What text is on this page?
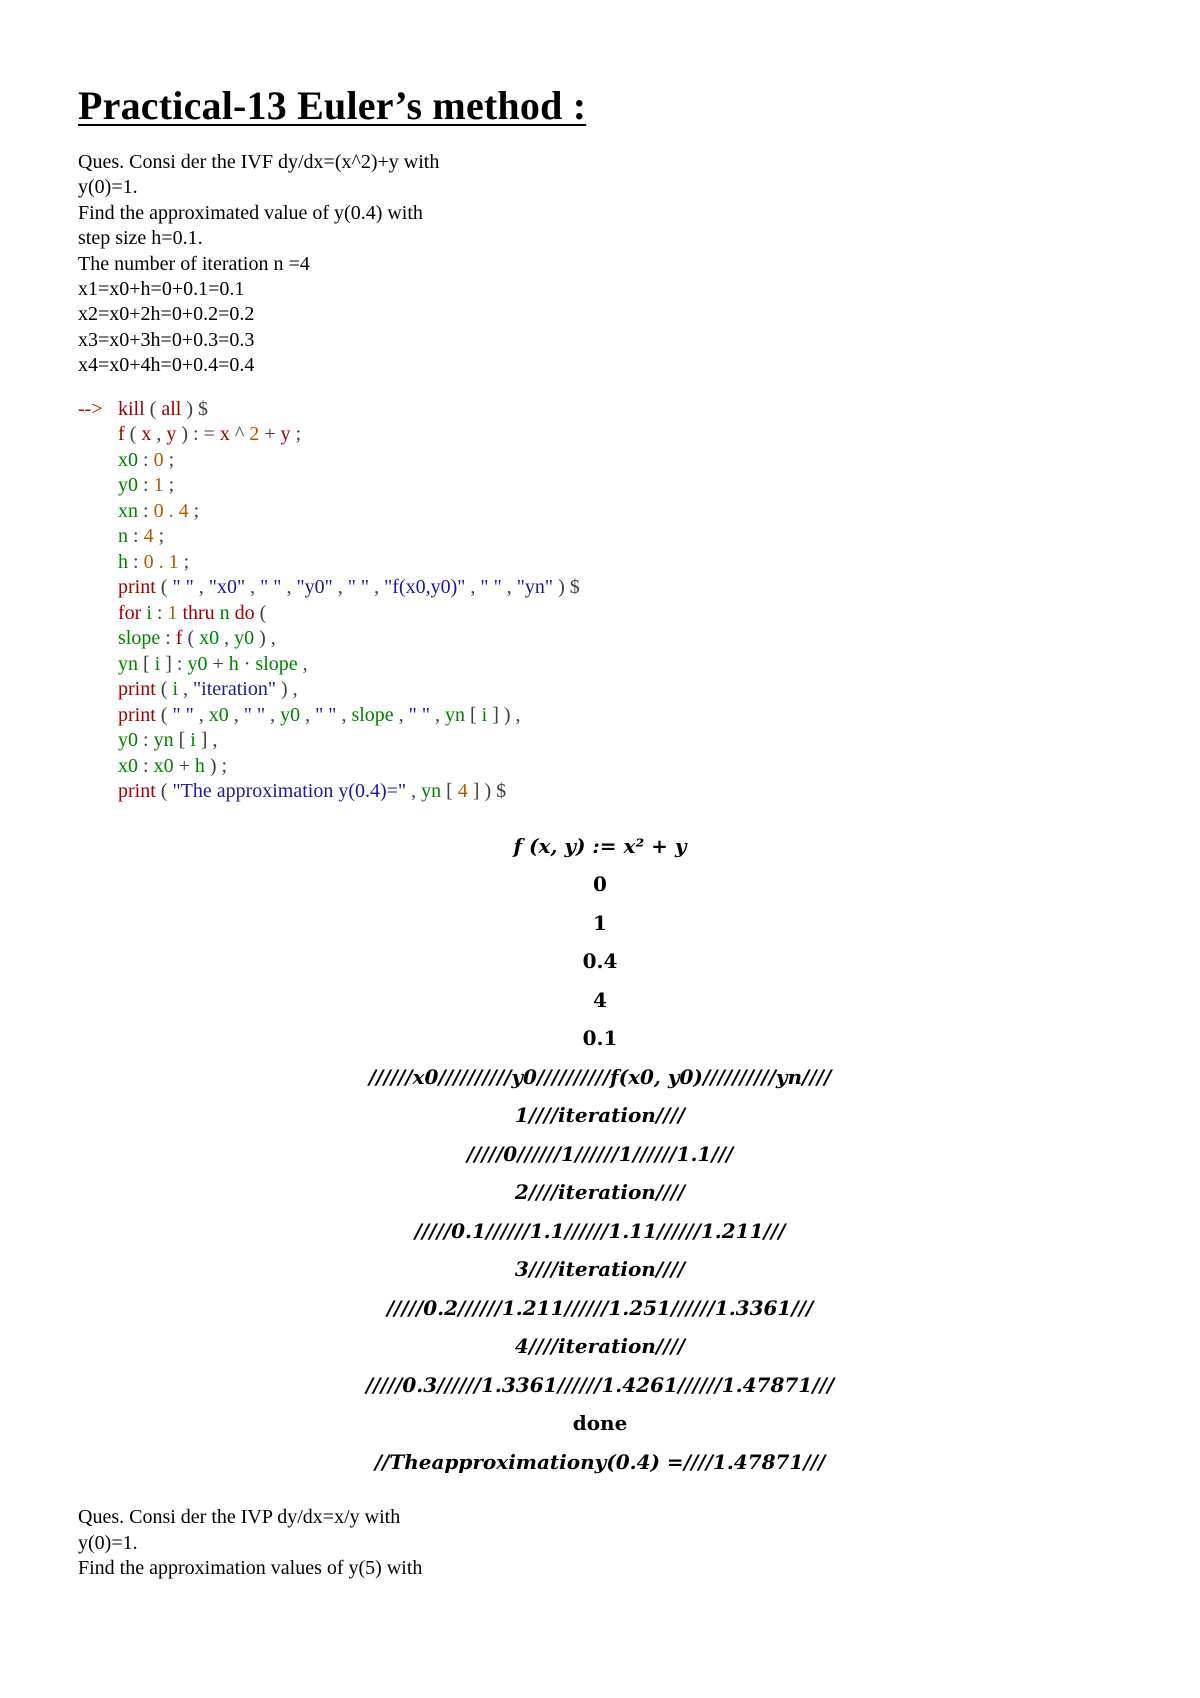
Practical-13 Euler’s method :
Ques. Consi der the IVF dy/dx=(x^2)+y with
y(0)=1.
Find the approximated value of y(0.4) with
step size h=0.1.
The number of iteration n =4
x1=x0+h=0+0.1=0.1
x2=x0+2h=0+0.2=0.2
x3=x0+3h=0+0.3=0.3
x4=x0+4h=0+0.4=0.4
--> kill ( all ) $
f ( x , y ) : = x ^ 2 + y ;
x0 : 0 ;
y0 : 1 ;
xn : 0 . 4 ;
n : 4 ;
h : 0 . 1 ;
print ( " " , "x0" , " " , "y0" , " " , "f(x0,y0)" , " " , "yn" ) $
for i : 1 thru n do (
slope : f ( x0 , y0 ) ,
yn [ i ] : y0 + h · slope ,
print ( i , "iteration" ) ,
print ( " " , x0 , " " , y0 , " " , slope , " " , yn [ i ] ) ,
y0 : yn [ i ] ,
x0 : x0 + h ) ;
print ( "The approximation y(0.4)=" , yn [ 4 ] ) $
f (x, y) := x² + y
0
1
0.4
4
0.1
//////x0//////////y0//////////f(x0, y0)//////////yn////
1////iteration////
/////0//////1//////1//////1.1///
2////iteration////
/////0.1//////1.1//////1.11//////1.211///
3////iteration////
/////0.2//////1.211//////1.251//////1.3361///
4////iteration////
/////0.3//////1.3361//////1.4261//////1.47871///
done
//Theapproximationy(0.4) =////1.47871///
Ques. Consi der the IVP dy/dx=x/y with
y(0)=1.
Find the approximation values of y(5) with
